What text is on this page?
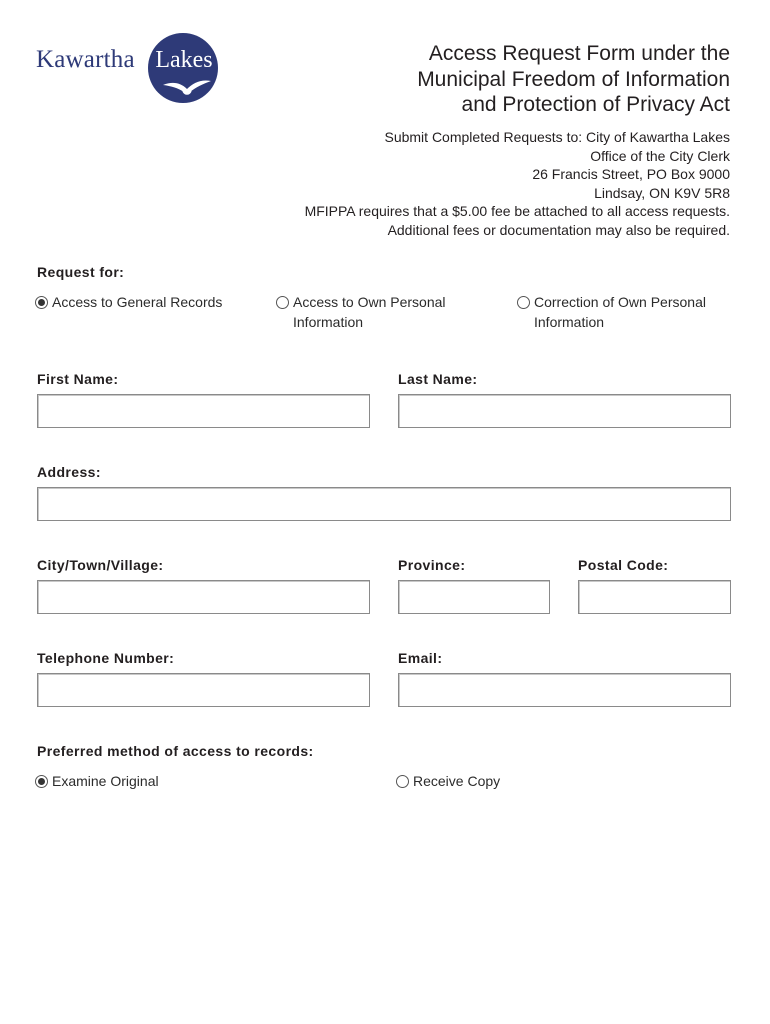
Kawartha Lakes	Access Request Form under the
Municipal Freedom of Information
and Protection of Privacy Act
Submit Completed Requests to: City of Kawartha Lakes
Office of the City Clerk
26 Francis Street, PO Box 9000
Lindsay, ON K9V 5R8
MFIPPA requires that a $5.00 fee be attached to all access requests.
Additional fees or documentation may also be required.
Request for:
Access to General Records	Access to Own Personal
Information
Correction of Own Personal
Information
First Name:	Last Name:
Address:
City/Town/Village:	Province:	Postal Code:
Telephone Number:	Email:
Preferred method of access to records:
Examine Original	Receive Copy
